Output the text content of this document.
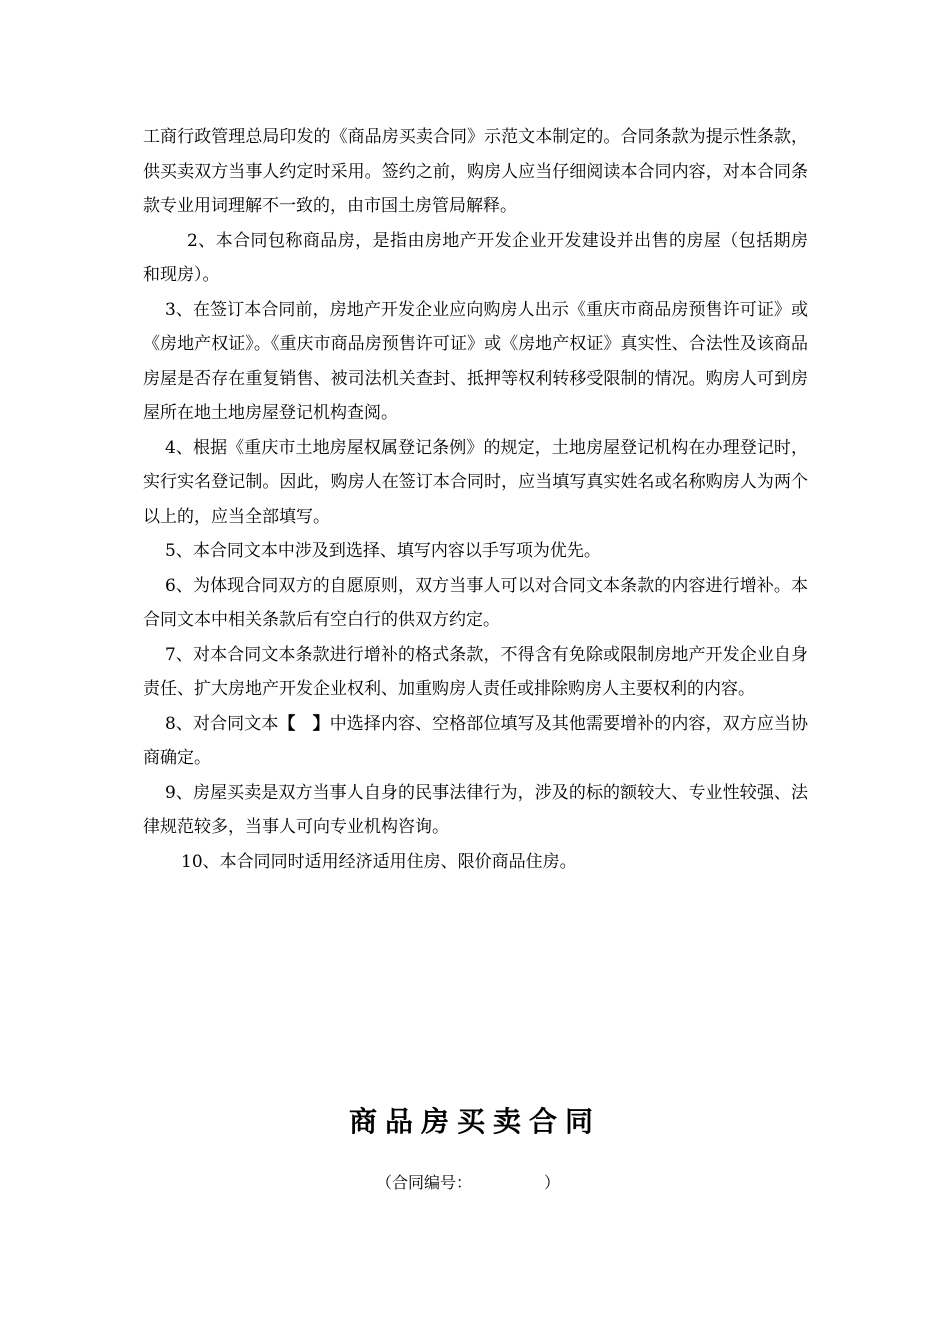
工商行政管理总局印发的《商品房买卖合同》示范文本制定的。合同条款为提示性条款，供买卖双方当事人约定时采用。签约之前，购房人应当仔细阅读本合同内容，对本合同条款专业用词理解不一致的，由市国土房管局解释。

2、本合同包称商品房，是指由房地产开发企业开发建设并出售的房屋（包括期房和现房）。

3、在签订本合同前，房地产开发企业应向购房人出示《重庆市商品房预售许可证》或《房地产权证》。《重庆市商品房预售许可证》或《房地产权证》真实性、合法性及该商品房屋是否存在重复销售、被司法机关查封、抵押等权利转移受限制的情况。购房人可到房屋所在地土地房屋登记机构查阅。

4、根据《重庆市土地房屋权属登记条例》的规定，土地房屋登记机构在办理登记时，实行实名登记制。因此，购房人在签订本合同时，应当填写真实姓名或名称购房人为两个以上的，应当全部填写。

5、本合同文本中涉及到选择、填写内容以手写项为优先。

6、为体现合同双方的自愿原则，双方当事人可以对合同文本条款的内容进行增补。本合同文本中相关条款后有空白行的供双方约定。

7、对本合同文本条款进行增补的格式条款，不得含有免除或限制房地产开发企业自身责任、扩大房地产开发企业权利、加重购房人责任或排除购房人主要权利的内容。

8、对合同文本【　】中选择内容、空格部位填写及其他需要增补的内容，双方应当协商确定。

9、房屋买卖是双方当事人自身的民事法律行为，涉及的标的额较大、专业性较强、法律规范较多，当事人可向专业机构咨询。

10、本合同同时适用经济适用住房、限价商品住房。

商品房买卖合同
（合同编号：　　　　　）
